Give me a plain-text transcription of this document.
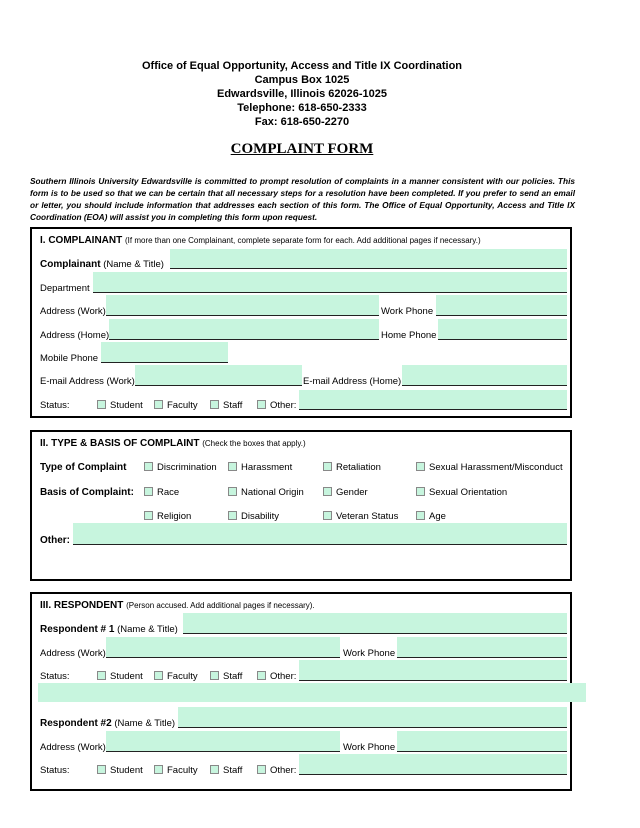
Office of Equal Opportunity, Access and Title IX Coordination
Campus Box 1025
Edwardsville, Illinois 62026-1025
Telephone: 618-650-2333
Fax: 618-650-2270
COMPLAINT FORM
Southern Illinois University Edwardsville is committed to prompt resolution of complaints in a manner consistent with our policies. This form is to be used so that we can be certain that all necessary steps for a resolution have been completed. If you prefer to send an email or letter, you should include information that addresses each section of this form. The Office of Equal Opportunity, Access and Title IX Coordination (EOA) will assist you in completing this form upon request.
I. COMPLAINANT (If more than one Complainant, complete separate form for each. Add additional pages if necessary.)
Complainant (Name & Title)
Department
Address (Work)	Work Phone
Address (Home)	Home Phone
Mobile Phone
E-mail Address (Work)	E-mail Address (Home)
Status:	Student	Faculty	Staff	Other:
II. TYPE & BASIS OF COMPLAINT (Check the boxes that apply.)
Type of Complaint	Discrimination	Harassment	Retaliation	Sexual Harassment/Misconduct
Basis of Complaint: Race	National Origin	Gender	Sexual Orientation
Religion	Disability	Veteran Status	Age
Other:
III. RESPONDENT (Person accused. Add additional pages if necessary).
Respondent # 1 (Name & Title)
Address (Work)	Work Phone
Status:	Student	Faculty	Staff	Other:
Respondent #2 (Name & Title)
Address (Work)	Work Phone
Status:	Student	Faculty	Staff	Other:
